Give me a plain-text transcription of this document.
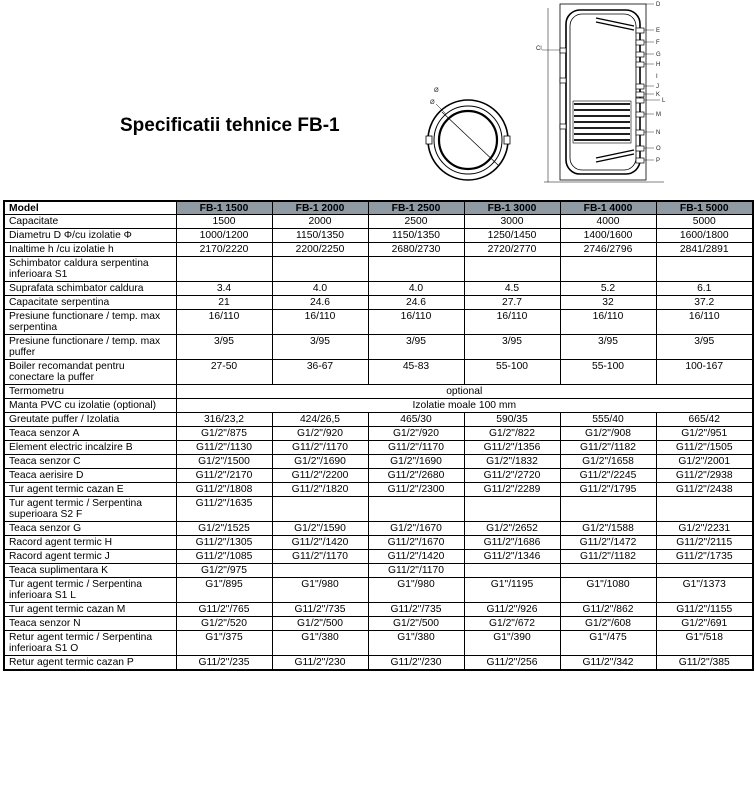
Specificatii tehnice FB-1
Ø
Ø
D
E
F
G
H
I
J
K
L
M
N
O
P
Cl
Model	FB-1 1500	FB-1 2000	FB-1 2500	FB-1 3000	FB-1 4000	FB-1 5000
Capacitate	1500	2000	2500	3000	4000	5000
Diametru D Φ/cu izolatie Φ	1000/1200	1150/1350	1150/1350	1250/1450	1400/1600	1600/1800
Inaltime h /cu izolatie h	2170/2220	2200/2250	2680/2730	2720/2770	2746/2796	2841/2891
Schimbator caldura serpentina inferioara S1						
Suprafata schimbator caldura	3.4	4.0	4.0	4.5	5.2	6.1
Capacitate serpentina	21	24.6	24.6	27.7	32	37.2
Presiune functionare / temp. max serpentina	16/110	16/110	16/110	16/110	16/110	16/110
Presiune functionare / temp. max puffer	3/95	3/95	3/95	3/95	3/95	3/95
Boiler recomandat pentru conectare la puffer	27-50	36-67	45-83	55-100	55-100	100-167
Termometru	optional					
Manta PVC cu izolatie (optional)	Izolatie moale 100 mm					
Greutate puffer / Izolatia	316/23,2	424/26,5	465/30	590/35	555/40	665/42
Teaca senzor A	G1/2"/875	G1/2"/920	G1/2"/920	G1/2"/822	G1/2"/908	G1/2"/951
Element electric incalzire B	G11/2"/1130	G11/2"/1170	G11/2"/1170	G11/2"/1356	G11/2"/1182	G11/2"/1505
Teaca senzor C	G1/2"/1500	G1/2"/1690	G1/2"/1690	G1/2"/1832	G1/2"/1658	G1/2"/2001
Teaca aerisire D	G11/2"/2170	G11/2"/2200	G11/2"/2680	G11/2"/2720	G11/2"/2245	G11/2"/2938
Tur agent termic cazan E	G11/2"/1808	G11/2"/1820	G11/2"/2300	G11/2"/2289	G11/2"/1795	G11/2"/2438
Tur agent termic / Serpentina superioara S2 F	G11/2"/1635					
Teaca senzor G	G1/2"/1525	G1/2"/1590	G1/2"/1670	G1/2"/2652	G1/2"/1588	G1/2"/2231
Racord agent termic H	G11/2"/1305	G11/2"/1420	G11/2"/1670	G11/2"/1686	G11/2"/1472	G11/2"/2115
Racord agent termic J	G11/2"/1085	G11/2"/1170	G11/2"/1420	G11/2"/1346	G11/2"/1182	G11/2"/1735
Teaca suplimentara K	G1/2"/975		G11/2"/1170			
Tur agent termic / Serpentina inferioara S1 L	G1"/895	G1"/980	G1"/980	G1"/1195	G1"/1080	G1"/1373
Tur agent termic cazan M	G11/2"/765	G11/2"/735	G11/2"/735	G11/2"/926	G11/2"/862	G11/2"/1155
Teaca senzor N	G1/2"/520	G1/2"/500	G1/2"/500	G1/2"/672	G1/2"/608	G1/2"/691
Retur agent termic / Serpentina inferioara S1 O	G1"/375	G1"/380	G1"/380	G1"/390	G1"/475	G1"/518
Retur agent termic cazan P	G11/2"/235	G11/2"/230	G11/2"/230	G11/2"/256	G11/2"/342	G11/2"/385
